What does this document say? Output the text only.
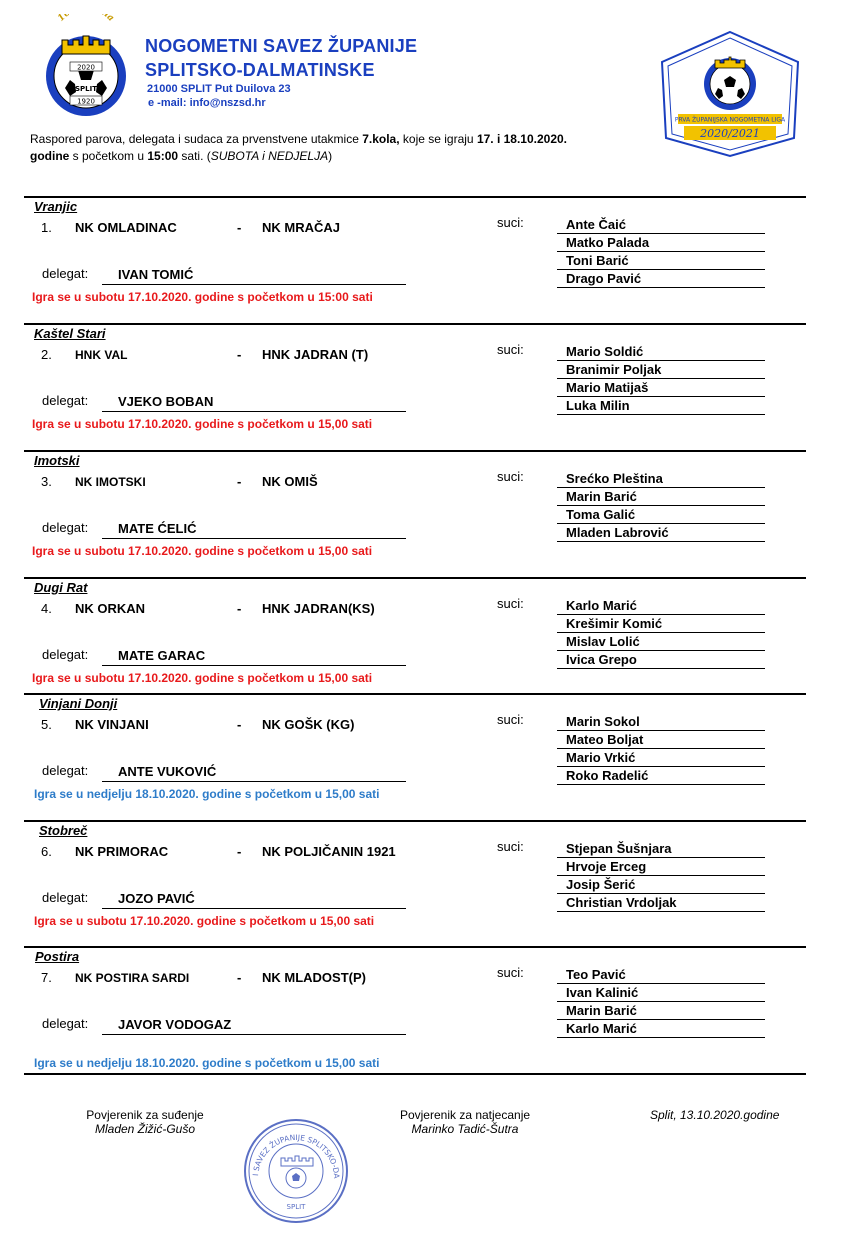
1 a
2020
SPLIT
1920
NOGOMETNI SAVEZ ŽUPANIJE
SPLITSKO-DALMATINSKE
21000 SPLIT Put Duilova 23
e -mail: info@nszsd.hr
PRVA ŽUPANIJSKA NOGOMETNA LIGA
2020/2021
Raspored parova, delegata i sudaca za prvenstvene utakmice 7.kola, koje se igraju 17. i 18.10.2020.
godine s početkom u 15:00 sati. (SUBOTA i NEDJELJA)
Vranjic
1. NK OMLADINAC	- NK MRAČAJ	suci:	Ante Čaić
Matko Palada
Toni Barić
Drago Pavić
delegat: IVAN TOMIĆ
Igra se u subotu 17.10.2020. godine s početkom u 15:00 sati
Kaštel Stari
2. HNK VAL	- HNK JADRAN (T)	suci:	Mario Soldić
Branimir Poljak
Mario Matijaš
Luka Milin
delegat: VJEKO BOBAN
Igra se u subotu 17.10.2020. godine s početkom u 15,00 sati
Imotski
3. NK IMOTSKI	- NK OMIŠ	suci:	Srećko Pleština
Marin Barić
Toma Galić
Mladen Labrović
delegat: MATE ĆELIĆ
Igra se u subotu 17.10.2020. godine s početkom u 15,00 sati
Dugi Rat
4. NK ORKAN	- HNK JADRAN(KS)	suci:	Karlo Marić
Krešimir Komić
Mislav Lolić
Ivica Grepo
delegat: MATE GARAC
Igra se u subotu 17.10.2020. godine s početkom u 15,00 sati
Vinjani Donji
5. NK VINJANI	- NK GOŠK (KG)	suci:	Marin Sokol
Mateo Boljat
Mario Vrkić
Roko Radelić
delegat: ANTE VUKOVIĆ
Igra se u nedjelju 18.10.2020. godine s početkom u 15,00 sati
Stobreč
6. NK PRIMORAC	- NK POLJIČANIN 1921	suci:	Stjepan Šušnjara
Hrvoje Erceg
Josip Šerić
Christian Vrdoljak
delegat: JOZO PAVIĆ
Igra se u subotu 17.10.2020. godine s početkom u 15,00 sati
Postira
7. NK POSTIRA SARDI	- NK MLADOST(P)	suci:	Teo Pavić
Ivan Kalinić
Marin Barić
Karlo Marić
delegat: JAVOR VODOGAZ
Igra se u nedjelju 18.10.2020. godine s početkom u 15,00 sati
Povjerenik za suđenje
Mladen Žižić-Gušo
Povjerenik za natjecanje
Marinko Tadić-Šutra
Split, 13.10.2020.godine
I SAVEZ ŽUPANIJE SPLITSKO-DA
SPLIT
